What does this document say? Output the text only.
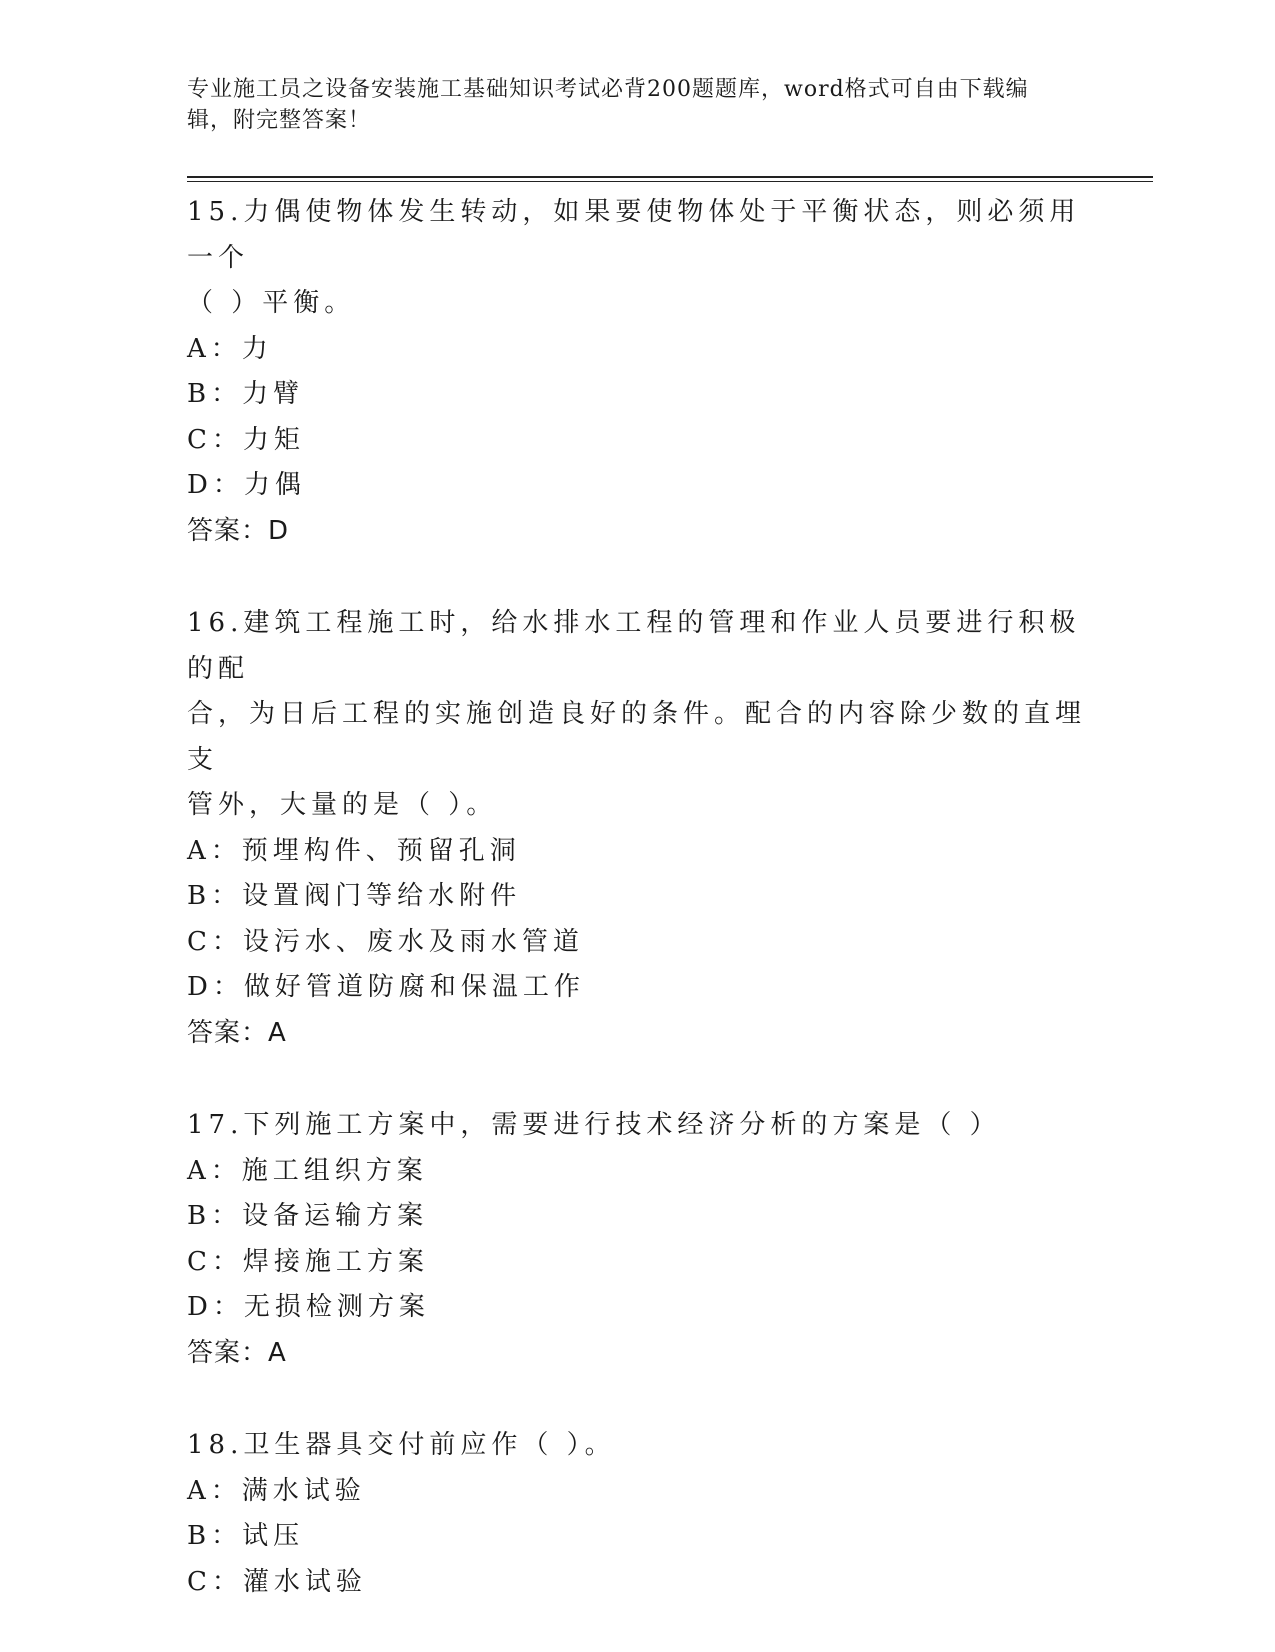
专业施工员之设备安装施工基础知识考试必背200题题库，word格式可自由下载编辑，附完整答案！
15.力偶使物体发生转动，如果要使物体处于平衡状态，则必须用一个
（ ）平衡。
A：力
B：力臂
C：力矩
D：力偶
答案：D
16.建筑工程施工时，给水排水工程的管理和作业人员要进行积极的配
合，为日后工程的实施创造良好的条件。配合的内容除少数的直埋支
管外，大量的是（ ）。
A：预埋构件、预留孔洞
B：设置阀门等给水附件
C：设污水、废水及雨水管道
D：做好管道防腐和保温工作
答案：A
17.下列施工方案中，需要进行技术经济分析的方案是（ ）
A：施工组织方案
B：设备运输方案
C：焊接施工方案
D：无损检测方案
答案：A
18.卫生器具交付前应作（ ）。
A：满水试验
B：试压
C：灌水试验
